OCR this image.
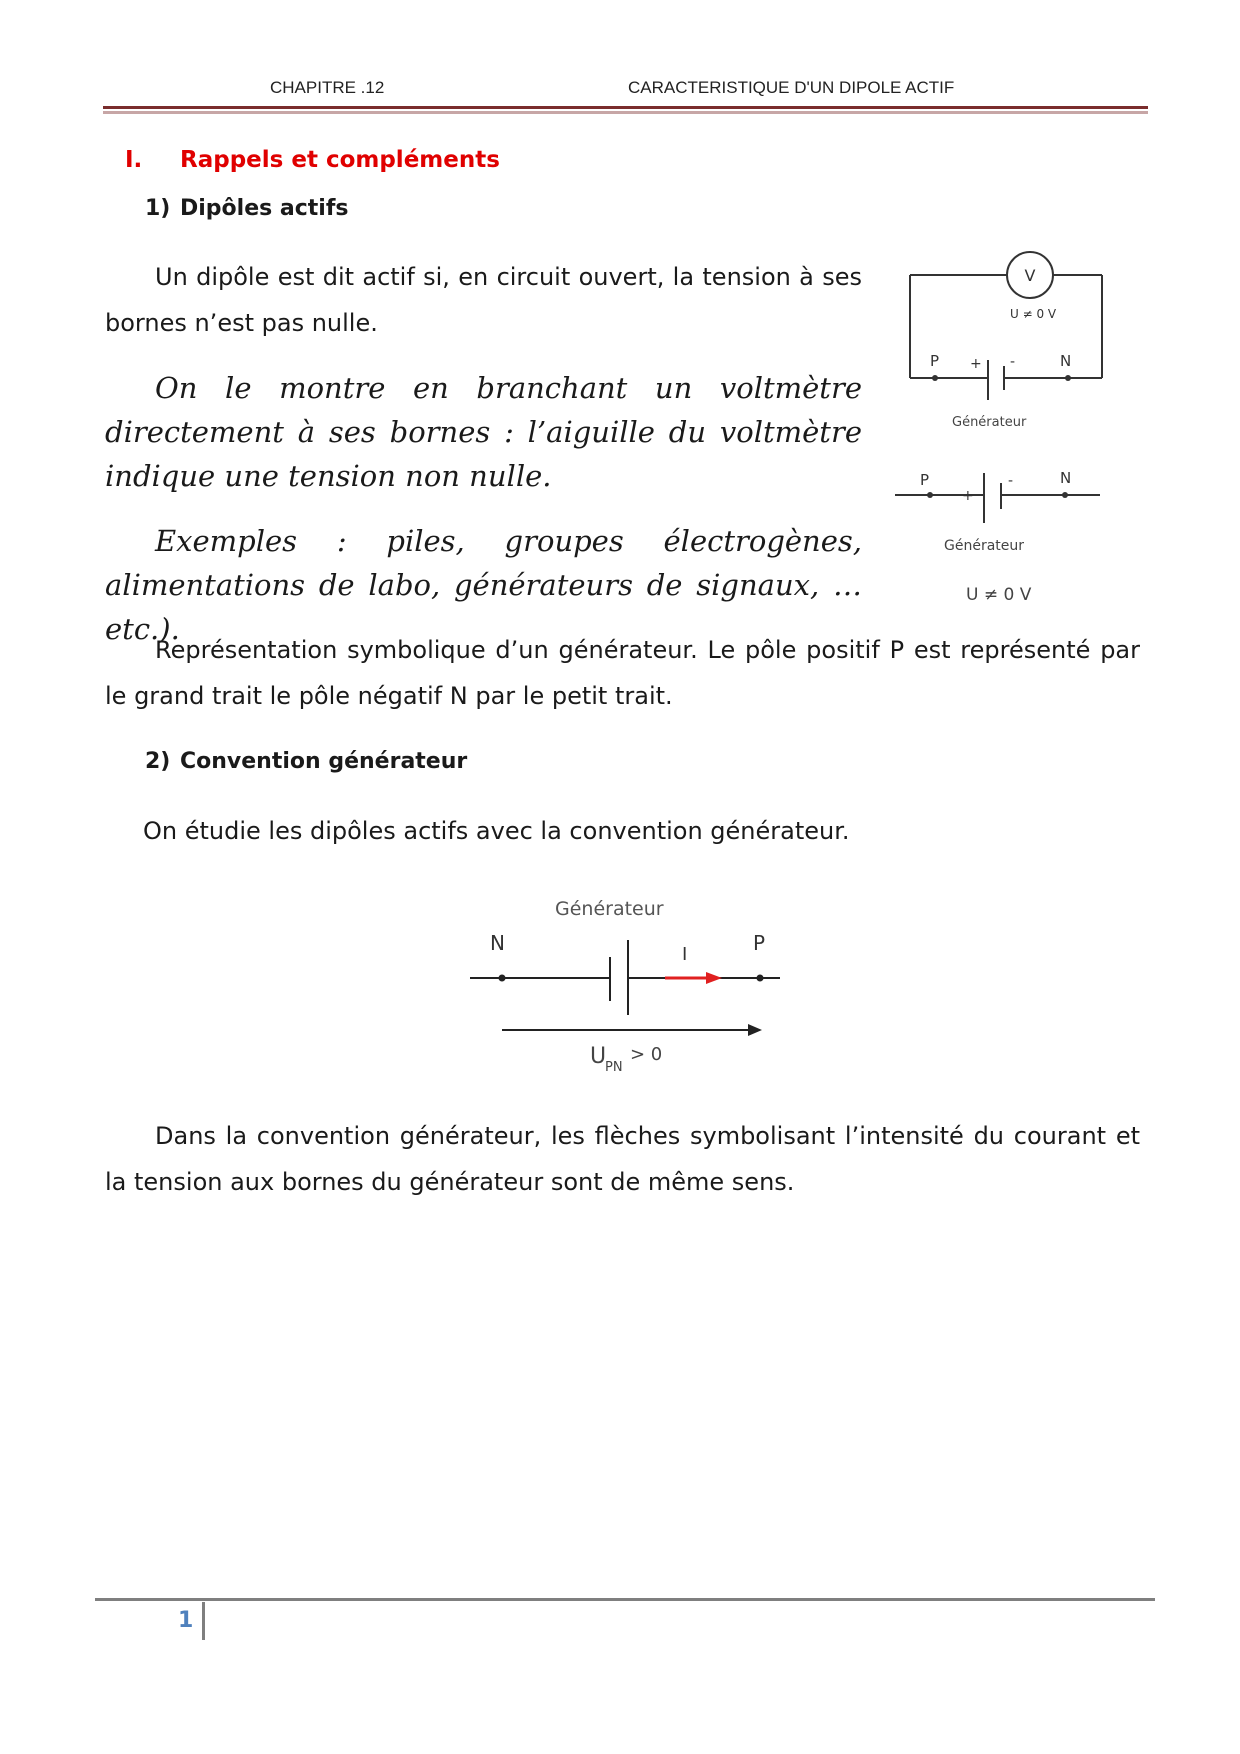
CHAPITRE .12	CARACTERISTIQUE D'UN DIPOLE ACTIF
I. Rappels et compléments
1) Dipôles actifs
Un dipôle est dit actif si, en circuit ouvert, la tension à ses bornes n’est pas nulle.
On le montre en branchant un voltmètre directement à ses bornes : l’aiguille du voltmètre indique une tension non nulle.
Exemples : piles, groupes électrogènes, alimentations de labo, générateurs de signaux, … etc.).
V
U ≠ 0 V
P	N
+ -
Générateur
P	N
+
-
Générateur
U ≠ 0 V
Représentation symbolique d’un générateur. Le pôle positif P est représenté par le grand trait le pôle négatif N par le petit trait.
2) Convention générateur
On étudie les dipôles actifs avec la convention générateur.
Générateur
N	P
I
U
PN
> 0
Dans la convention générateur, les flèches symbolisant l’intensité du courant et la tension aux bornes du générateur sont de même sens.
1
